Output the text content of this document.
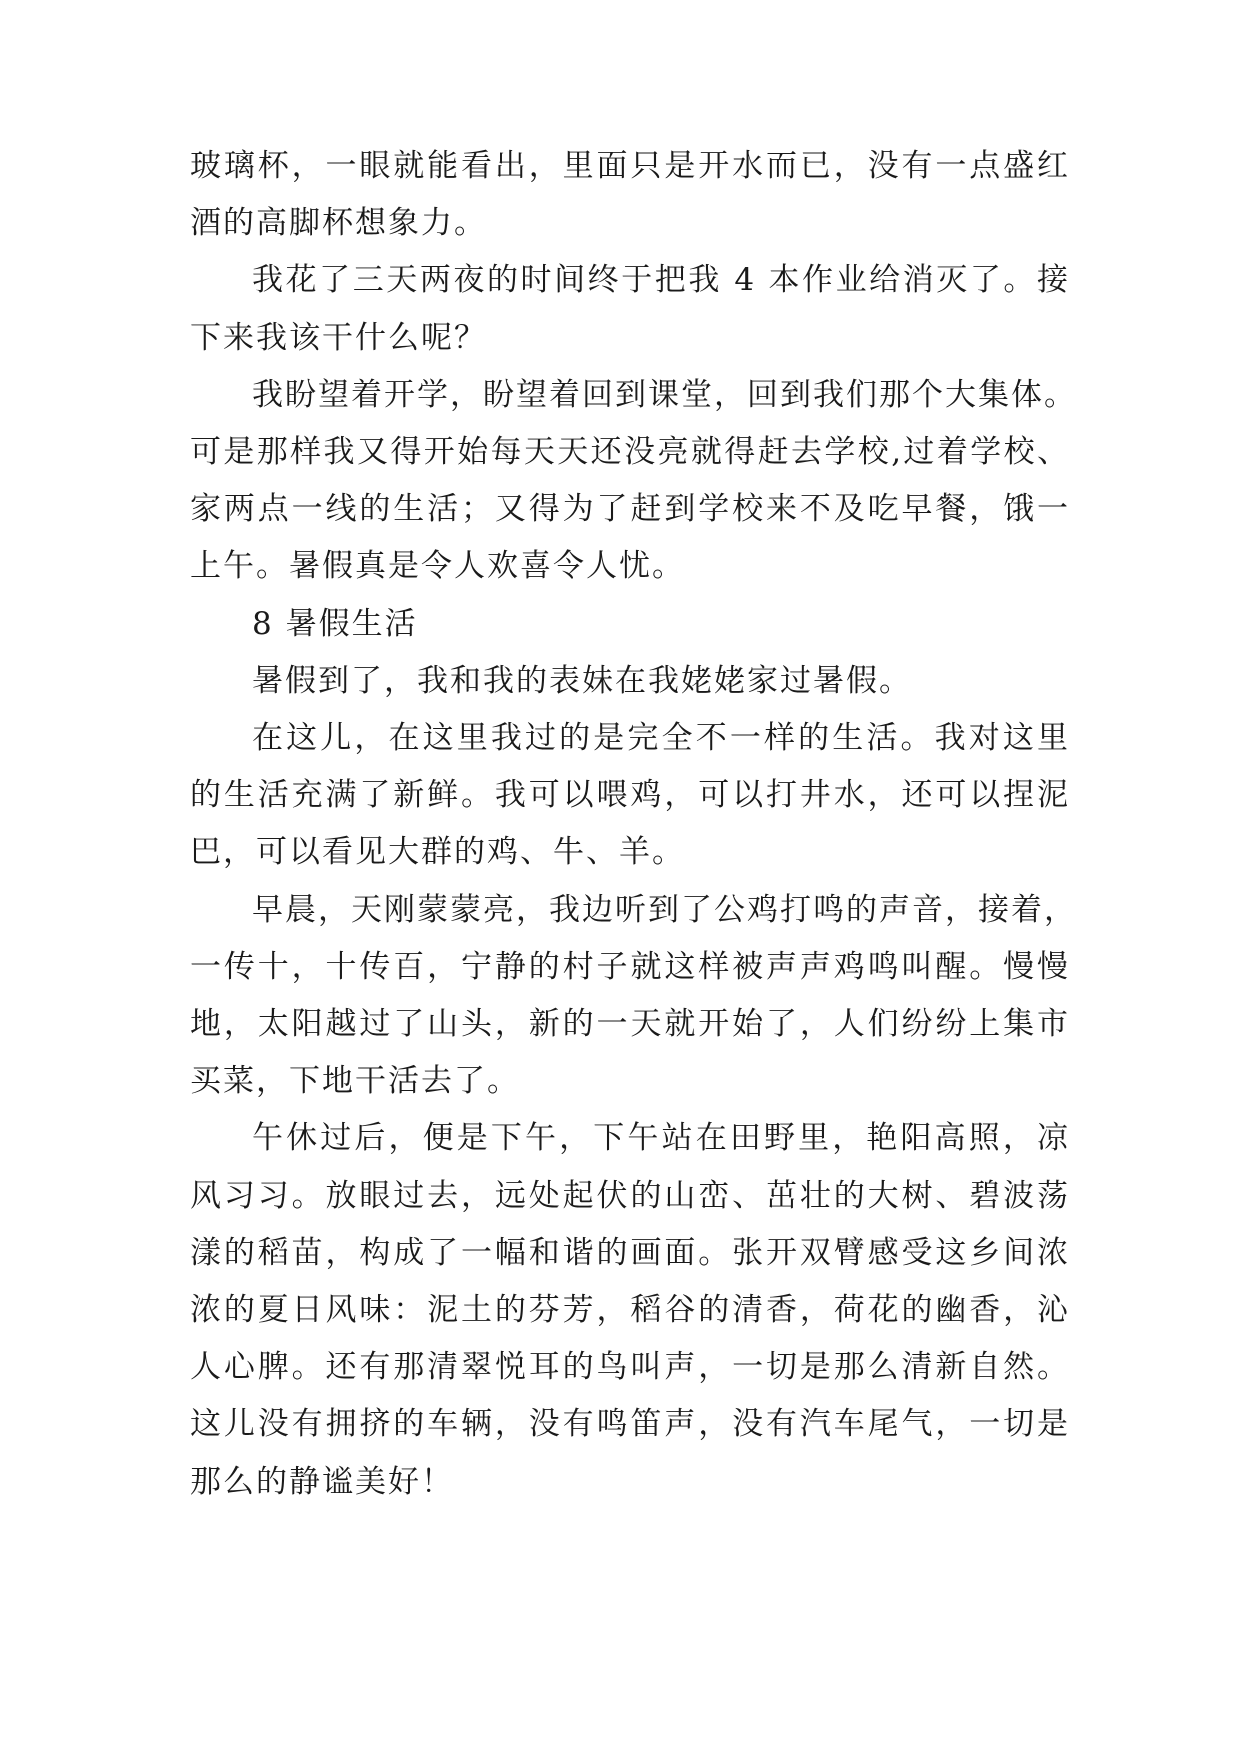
玻璃杯，一眼就能看出，里面只是开水而已，没有一点盛红
酒的高脚杯想象力。
我花了三天两夜的时间终于把我 4 本作业给消灭了。接
下来我该干什么呢？
我盼望着开学，盼望着回到课堂，回到我们那个大集体。
可是那样我又得开始每天天还没亮就得赶去学校,过着学校、
家两点一线的生活；又得为了赶到学校来不及吃早餐，饿一
上午。暑假真是令人欢喜令人忧。
8 暑假生活
暑假到了，我和我的表妹在我姥姥家过暑假。
在这儿，在这里我过的是完全不一样的生活。我对这里
的生活充满了新鲜。我可以喂鸡，可以打井水，还可以捏泥
巴，可以看见大群的鸡、牛、羊。
早晨，天刚蒙蒙亮，我边听到了公鸡打鸣的声音，接着，
一传十，十传百，宁静的村子就这样被声声鸡鸣叫醒。慢慢
地，太阳越过了山头，新的一天就开始了，人们纷纷上集市
买菜，下地干活去了。
午休过后，便是下午，下午站在田野里，艳阳高照，凉
风习习。放眼过去，远处起伏的山峦、茁壮的大树、碧波荡
漾的稻苗，构成了一幅和谐的画面。张开双臂感受这乡间浓
浓的夏日风味：泥土的芬芳，稻谷的清香，荷花的幽香，沁
人心脾。还有那清翠悦耳的鸟叫声，一切是那么清新自然。
这儿没有拥挤的车辆，没有鸣笛声，没有汽车尾气，一切是
那么的静谧美好！
